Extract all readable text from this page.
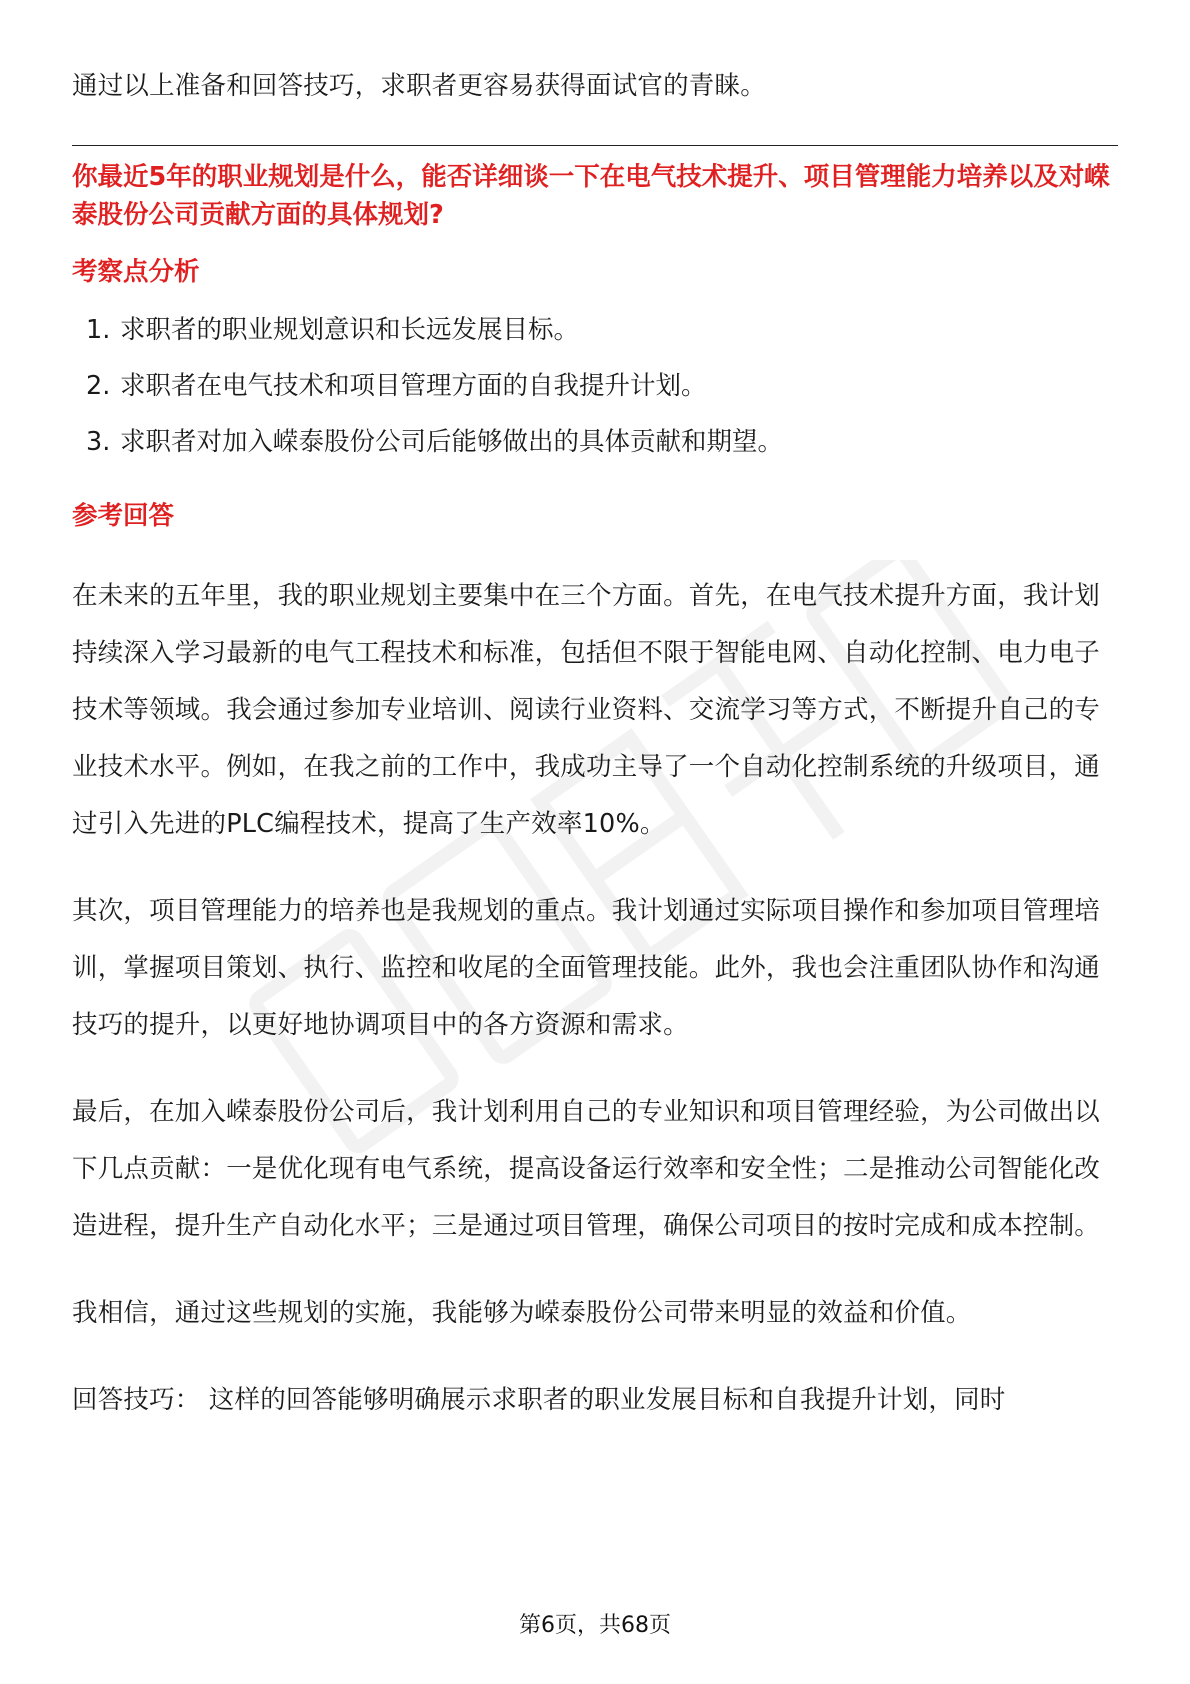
通过以上准备和回答技巧，求职者更容易获得面试官的青睐。

你最近5年的职业规划是什么，能否详细谈一下在电气技术提升、项目管理能力培养以及对嵘泰股份公司贡献方面的具体规划?

考察点分析
1. 求职者的职业规划意识和长远发展目标。
2. 求职者在电气技术和项目管理方面的自我提升计划。
3. 求职者对加入嵘泰股份公司后能够做出的具体贡献和期望。
参考回答

在未来的五年里，我的职业规划主要集中在三个方面。首先，在电气技术提升方面，我计划持续深入学习最新的电气工程技术和标准，包括但不限于智能电网、自动化控制、电力电子技术等领域。我会通过参加专业培训、阅读行业资料、交流学习等方式，不断提升自己的专业技术水平。例如，在我之前的工作中，我成功主导了一个自动化控制系统的升级项目，通过引入先进的PLC编程技术，提高了生产效率10%。

其次，项目管理能力的培养也是我规划的重点。我计划通过实际项目操作和参加项目管理培训，掌握项目策划、执行、监控和收尾的全面管理技能。此外，我也会注重团队协作和沟通技巧的提升，以更好地协调项目中的各方资源和需求。

最后，在加入嵘泰股份公司后，我计划利用自己的专业知识和项目管理经验，为公司做出以下几点贡献：一是优化现有电气系统，提高设备运行效率和安全性；二是推动公司智能化改造进程，提升生产自动化水平；三是通过项目管理，确保公司项目的按时完成和成本控制。

我相信，通过这些规划的实施，我能够为嵘泰股份公司带来明显的效益和价值。

回答技巧： 这样的回答能够明确展示求职者的职业发展目标和自我提升计划，同时

第6页，共68页
